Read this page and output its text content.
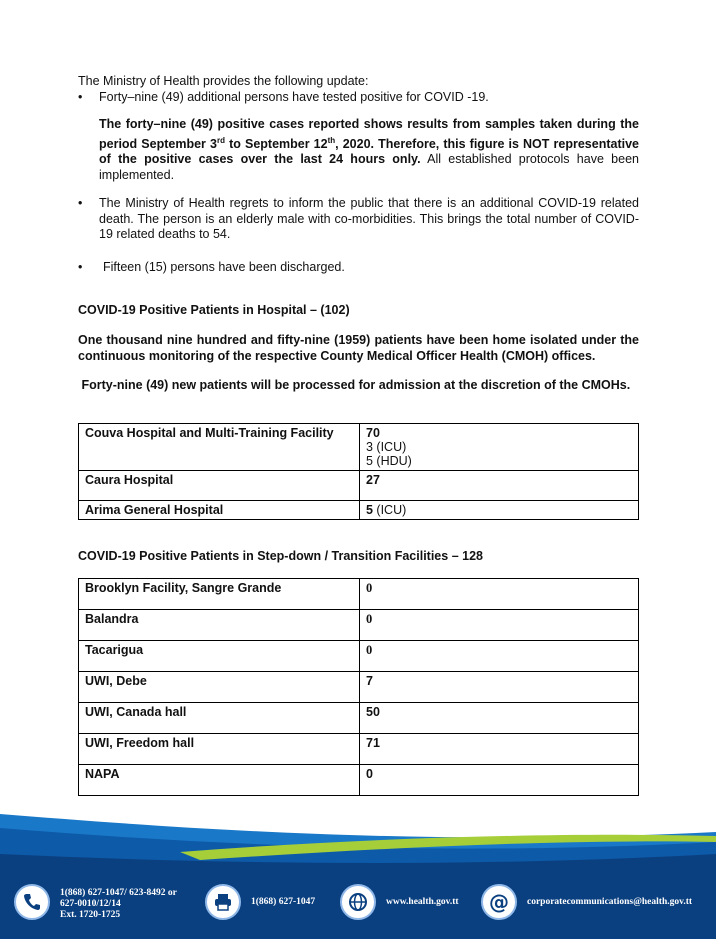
The Ministry of Health provides the following update:
•	Forty–nine (49) additional persons have tested positive for COVID -19.
The forty–nine (49) positive cases reported shows results from samples taken during the period September 3rd to September 12th, 2020. Therefore, this figure is NOT representative of the positive cases over the last 24 hours only. All established protocols have been implemented.
•	The Ministry of Health regrets to inform the public that there is an additional COVID-19 related death. The person is an elderly male with co-morbidities. This brings the total number of COVID-19 related deaths to 54.
•	Fifteen (15) persons have been discharged.
COVID-19 Positive Patients in Hospital – (102)
One thousand nine hundred and fifty-nine (1959) patients have been home isolated under the continuous monitoring of the respective County Medical Officer Health (CMOH) offices.
Forty-nine (49) new patients will be processed for admission at the discretion of the CMOHs.
Couva Hospital and Multi-Training Facility	70
3 (ICU)
5 (HDU)

Caura Hospital	27
Arima General Hospital	5 (ICU)
COVID-19 Positive Patients in Step-down / Transition Facilities – 128
Brooklyn Facility, Sangre Grande	0
Balandra	0
Tacarigua	0
UWI, Debe	7
UWI, Canada hall	50
UWI, Freedom hall	71
NAPA	0
1(868) 627-1047/ 623-8492 or
627-0010/12/14
Ext. 1720-1725
1(868) 627-1047	www.health.gov.tt @ corporatecommunications@health.gov.tt
